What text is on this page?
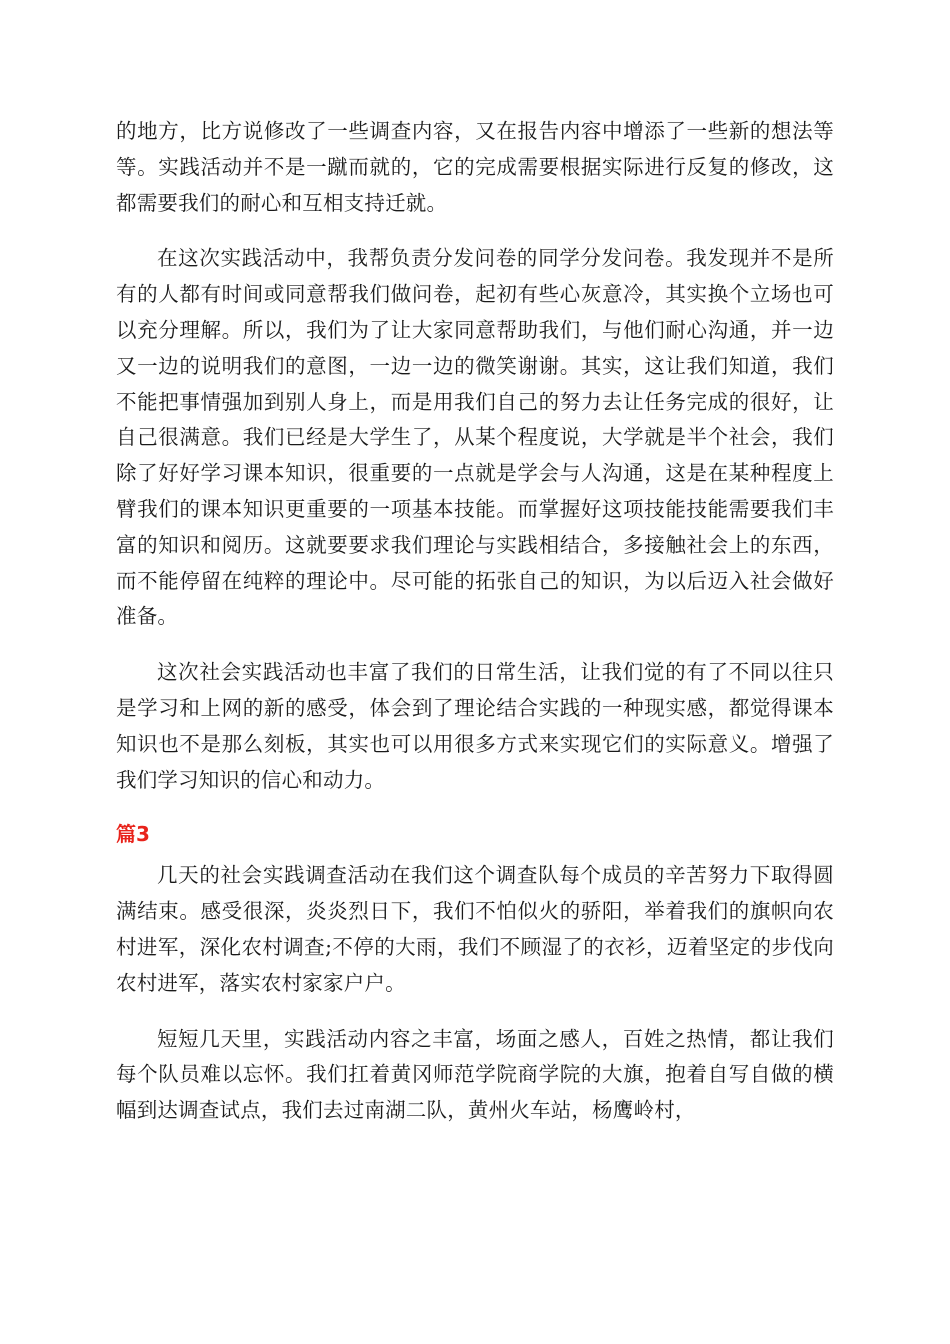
的地方，比方说修改了一些调查内容，又在报告内容中增添了一些新的想法等等。实践活动并不是一蹴而就的，它的完成需要根据实际进行反复的修改，这都需要我们的耐心和互相支持迁就。

在这次实践活动中，我帮负责分发问卷的同学分发问卷。我发现并不是所有的人都有时间或同意帮我们做问卷，起初有些心灰意冷，其实换个立场也可以充分理解。所以，我们为了让大家同意帮助我们，与他们耐心沟通，并一边又一边的说明我们的意图，一边一边的微笑谢谢。其实，这让我们知道，我们不能把事情强加到别人身上，而是用我们自己的努力去让任务完成的很好，让自己很满意。我们已经是大学生了，从某个程度说，大学就是半个社会，我们除了好好学习课本知识，很重要的一点就是学会与人沟通，这是在某种程度上臂我们的课本知识更重要的一项基本技能。而掌握好这项技能技能需要我们丰富的知识和阅历。这就要要求我们理论与实践相结合，多接触社会上的东西，而不能停留在纯粹的理论中。尽可能的拓张自己的知识，为以后迈入社会做好准备。

这次社会实践活动也丰富了我们的日常生活，让我们觉的有了不同以往只是学习和上网的新的感受，体会到了理论结合实践的一种现实感，都觉得课本知识也不是那么刻板，其实也可以用很多方式来实现它们的实际意义。增强了我们学习知识的信心和动力。

篇3

几天的社会实践调查活动在我们这个调查队每个成员的辛苦努力下取得圆满结束。感受很深，炎炎烈日下，我们不怕似火的骄阳，举着我们的旗帜向农村进军，深化农村调查;不停的大雨，我们不顾湿了的衣衫，迈着坚定的步伐向农村进军，落实农村家家户户。

短短几天里，实践活动内容之丰富，场面之感人，百姓之热情，都让我们每个队员难以忘怀。我们扛着黄冈师范学院商学院的大旗，抱着自写自做的横幅到达调查试点，我们去过南湖二队，黄州火车站，杨鹰岭村，
